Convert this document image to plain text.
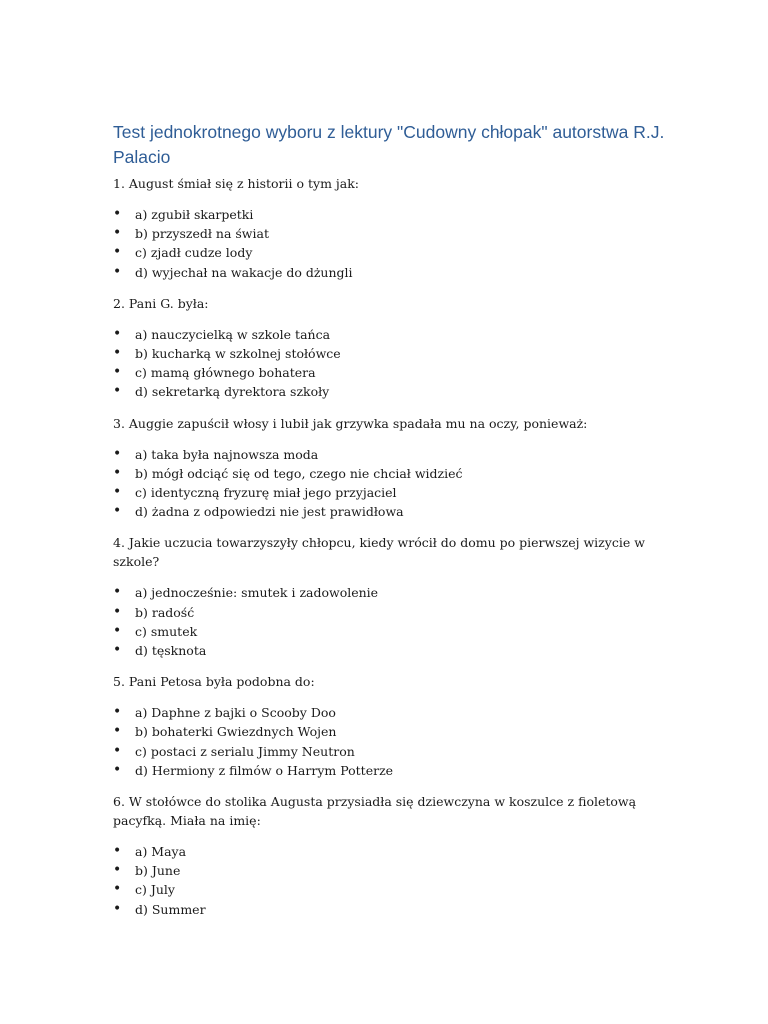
Test jednokrotnego wyboru z lektury "Cudowny chłopak" autorstwa R.J. Palacio

1. August śmiał się z historii o tym jak:

• a) zgubił skarpetki
• b) przyszedł na świat
• c) zjadł cudze lody
• d) wyjechał na wakacje do dżungli

2. Pani G. była:

• a) nauczycielką w szkole tańca
• b) kucharką w szkolnej stołówce
• c) mamą głównego bohatera
• d) sekretarką dyrektora szkoły

3. Auggie zapuścił włosy i lubił jak grzywka spadała mu na oczy, ponieważ:

• a) taka była najnowsza moda
• b) mógł odciąć się od tego, czego nie chciał widzieć
• c) identyczną fryzurę miał jego przyjaciel
• d) żadna z odpowiedzi nie jest prawidłowa

4. Jakie uczucia towarzyszyły chłopcu, kiedy wrócił do domu po pierwszej wizycie w szkole?

• a) jednocześnie: smutek i zadowolenie
• b) radość
• c) smutek
• d) tęsknota

5. Pani Petosa była podobna do:

• a) Daphne z bajki o Scooby Doo
• b) bohaterki Gwiezdnych Wojen
• c) postaci z serialu Jimmy Neutron
• d) Hermiony z filmów o Harrym Potterze

6. W stołówce do stolika Augusta przysiadła się dziewczyna w koszulce z fioletową pacyfką. Miała na imię:

• a) Maya
• b) June
• c) July
• d) Summer
